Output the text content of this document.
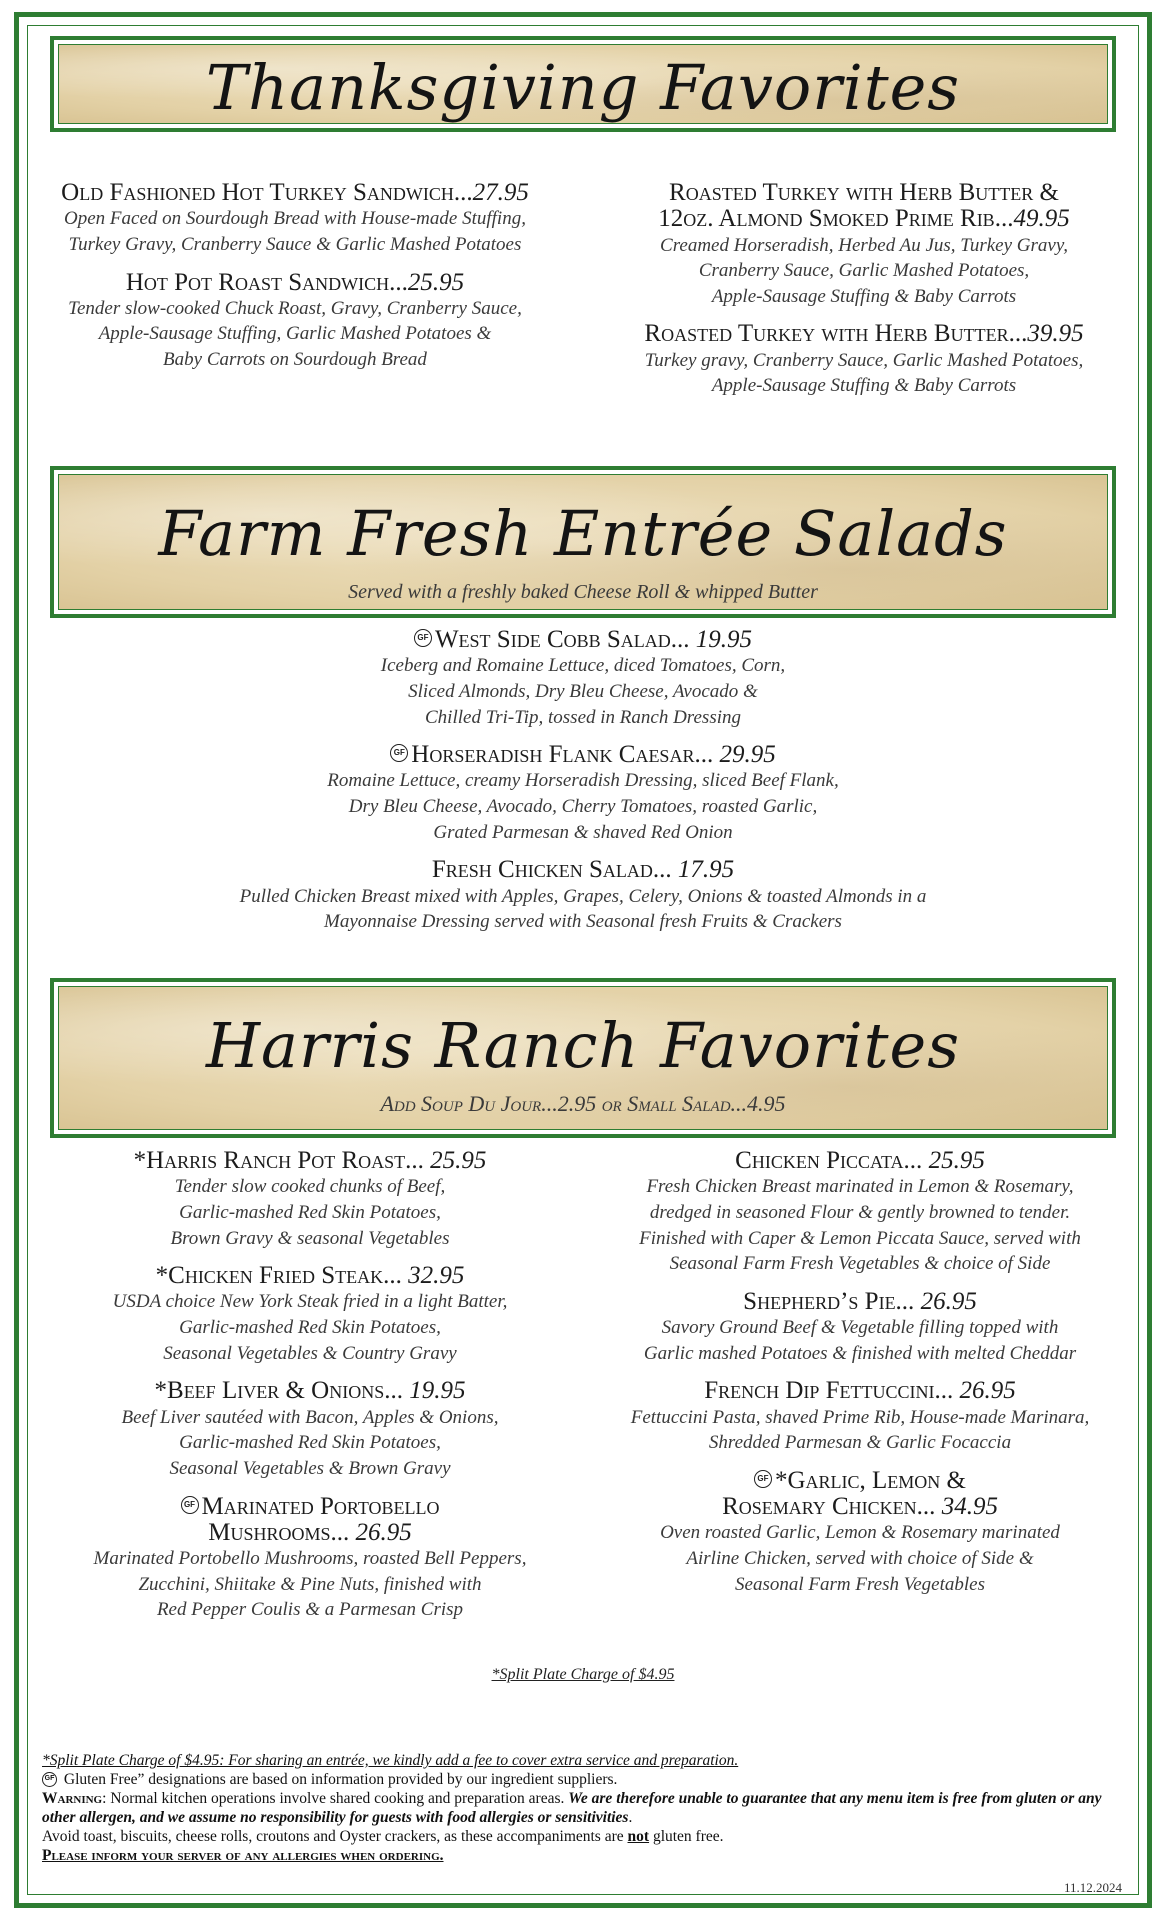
Thanksgiving Favorites
Old Fashioned Hot Turkey Sandwich...27.95
Open Faced on Sourdough Bread with House-made Stuffing,
Turkey Gravy, Cranberry Sauce & Garlic Mashed Potatoes
Hot Pot Roast Sandwich...25.95
Tender slow-cooked Chuck Roast, Gravy, Cranberry Sauce,
Apple-Sausage Stuffing, Garlic Mashed Potatoes &
Baby Carrots on Sourdough Bread
Roasted Turkey with Herb Butter &
12oz. Almond Smoked Prime Rib...49.95
Creamed Horseradish, Herbed Au Jus, Turkey Gravy,
Cranberry Sauce, Garlic Mashed Potatoes,
Apple-Sausage Stuffing & Baby Carrots
Roasted Turkey with Herb Butter...39.95
Turkey gravy, Cranberry Sauce, Garlic Mashed Potatoes,
Apple-Sausage Stuffing & Baby Carrots
Farm Fresh Entrée Salads
Served with a freshly baked Cheese Roll & whipped Butter
GF West Side Cobb Salad... 19.95
Iceberg and Romaine Lettuce, diced Tomatoes, Corn,
Sliced Almonds, Dry Bleu Cheese, Avocado &
Chilled Tri-Tip, tossed in Ranch Dressing
GF Horseradish Flank Caesar... 29.95
Romaine Lettuce, creamy Horseradish Dressing, sliced Beef Flank,
Dry Bleu Cheese, Avocado, Cherry Tomatoes, roasted Garlic,
Grated Parmesan & shaved Red Onion
Fresh Chicken Salad... 17.95
Pulled Chicken Breast mixed with Apples, Grapes, Celery, Onions & toasted Almonds in a
Mayonnaise Dressing served with Seasonal fresh Fruits & Crackers
Harris Ranch Favorites
Add Soup Du Jour...2.95 or Small Salad...4.95
*Harris Ranch Pot Roast... 25.95
Tender slow cooked chunks of Beef,
Garlic-mashed Red Skin Potatoes,
Brown Gravy & seasonal Vegetables
*Chicken Fried Steak... 32.95
USDA choice New York Steak fried in a light Batter,
Garlic-mashed Red Skin Potatoes,
Seasonal Vegetables & Country Gravy
*Beef Liver & Onions... 19.95
Beef Liver sautéed with Bacon, Apples & Onions,
Garlic-mashed Red Skin Potatoes,
Seasonal Vegetables & Brown Gravy
GF Marinated Portobello
Mushrooms... 26.95
Marinated Portobello Mushrooms, roasted Bell Peppers,
Zucchini, Shiitake & Pine Nuts, finished with
Red Pepper Coulis & a Parmesan Crisp
Chicken Piccata... 25.95
Fresh Chicken Breast marinated in Lemon & Rosemary,
dredged in seasoned Flour & gently browned to tender.
Finished with Caper & Lemon Piccata Sauce, served with
Seasonal Farm Fresh Vegetables & choice of Side
Shepherd’s Pie... 26.95
Savory Ground Beef & Vegetable filling topped with
Garlic mashed Potatoes & finished with melted Cheddar
French Dip Fettuccini... 26.95
Fettuccini Pasta, shaved Prime Rib, House-made Marinara,
Shredded Parmesan & Garlic Focaccia
GF *Garlic, Lemon &
Rosemary Chicken... 34.95
Oven roasted Garlic, Lemon & Rosemary marinated
Airline Chicken, served with choice of Side &
Seasonal Farm Fresh Vegetables
*Split Plate Charge of $4.95
*Split Plate Charge of $4.95: For sharing an entrée, we kindly add a fee to cover extra service and preparation.
GF Gluten Free” designations are based on information provided by our ingredient suppliers.
Warning: Normal kitchen operations involve shared cooking and preparation areas. We are therefore unable to guarantee that any menu item is free from gluten or any other allergen, and we assume no responsibility for guests with food allergies or sensitivities.
Avoid toast, biscuits, cheese rolls, croutons and Oyster crackers, as these accompaniments are not gluten free.
Please inform your server of any allergies when ordering.
11.12.2024
